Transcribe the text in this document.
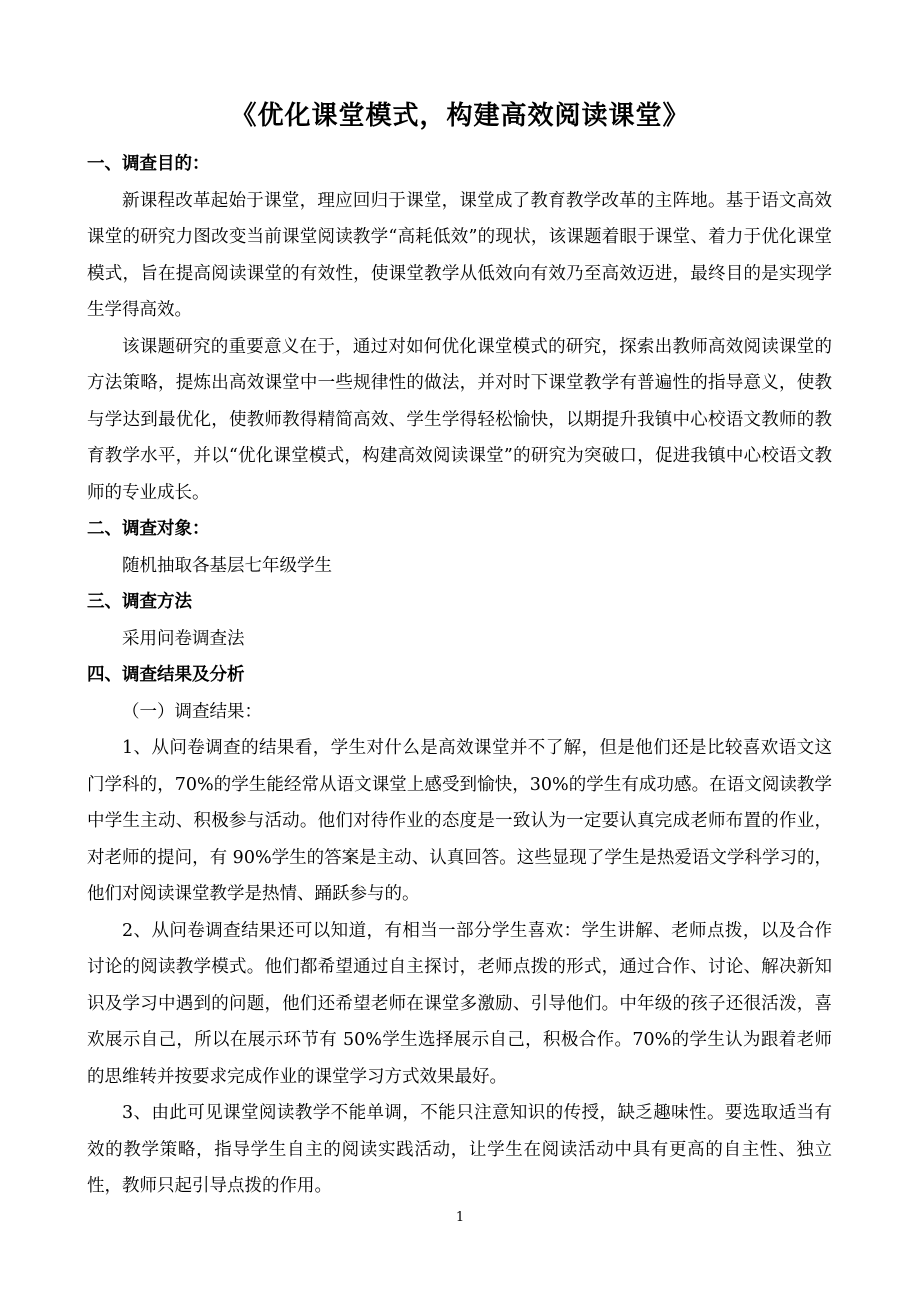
《优化课堂模式，构建高效阅读课堂》

一、调查目的：

新课程改革起始于课堂，理应回归于课堂，课堂成了教育教学改革的主阵地。基于语文高效课堂的研究力图改变当前课堂阅读教学“高耗低效”的现状，该课题着眼于课堂、着力于优化课堂模式，旨在提高阅读课堂的有效性，使课堂教学从低效向有效乃至高效迈进，最终目的是实现学生学得高效。

该课题研究的重要意义在于，通过对如何优化课堂模式的研究，探索出教师高效阅读课堂的方法策略，提炼出高效课堂中一些规律性的做法，并对时下课堂教学有普遍性的指导意义，使教与学达到最优化，使教师教得精简高效、学生学得轻松愉快，以期提升我镇中心校语文教师的教育教学水平，并以“优化课堂模式，构建高效阅读课堂”的研究为突破口，促进我镇中心校语文教师的专业成长。

二、调查对象：

随机抽取各基层七年级学生

三、调查方法

采用问卷调查法

四、调查结果及分析

（一）调查结果：

1、从问卷调查的结果看，学生对什么是高效课堂并不了解，但是他们还是比较喜欢语文这门学科的，70%的学生能经常从语文课堂上感受到愉快，30%的学生有成功感。在语文阅读教学中学生主动、积极参与活动。他们对待作业的态度是一致认为一定要认真完成老师布置的作业，对老师的提问，有 90%学生的答案是主动、认真回答。这些显现了学生是热爱语文学科学习的，他们对阅读课堂教学是热情、踊跃参与的。

2、从问卷调查结果还可以知道，有相当一部分学生喜欢：学生讲解、老师点拨，以及合作讨论的阅读教学模式。他们都希望通过自主探讨，老师点拨的形式，通过合作、讨论、解决新知识及学习中遇到的问题，他们还希望老师在课堂多激励、引导他们。中年级的孩子还很活泼，喜欢展示自己，所以在展示环节有 50%学生选择展示自己，积极合作。70%的学生认为跟着老师的思维转并按要求完成作业的课堂学习方式效果最好。

3、由此可见课堂阅读教学不能单调，不能只注意知识的传授，缺乏趣味性。要选取适当有效的教学策略，指导学生自主的阅读实践活动，让学生在阅读活动中具有更高的自主性、独立性，教师只起引导点拨的作用。

1
